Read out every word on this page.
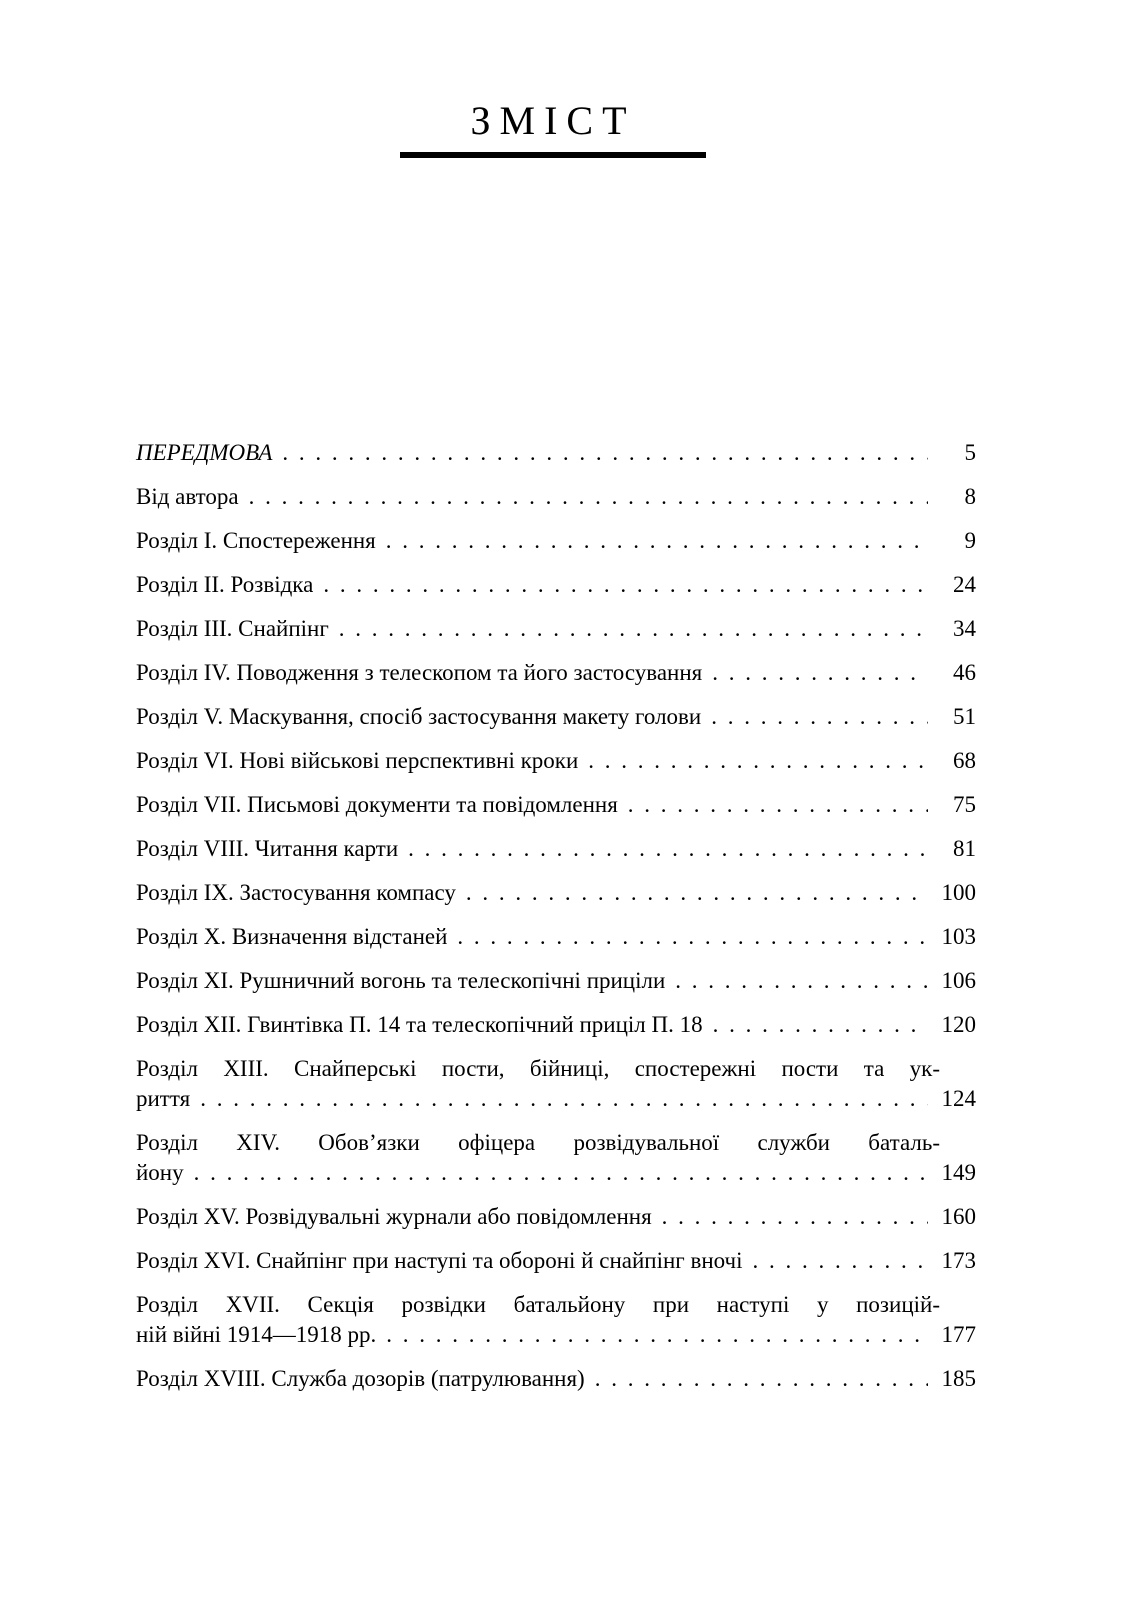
ЗМІСТ
ПЕРЕДМОВА . . .	5
Від автора . . .	8
Розділ I. Спостереження . . .	9
Розділ II. Розвідка . . .	24
Розділ III. Снайпінг . . .	34
Розділ IV. Поводження з телескопом та його застосування . . .	46
Розділ V. Маскування, спосіб застосування макету голови . . .	51
Розділ VI. Нові військові перспективні кроки . . .	68
Розділ VII. Письмові документи та повідомлення . . .	75
Розділ VIII. Читання карти . . .	81
Розділ IX. Застосування компасу . . .	100
Розділ X. Визначення відстаней . . .	103
Розділ XI. Рушничний вогонь та телескопічні приціли . . .	106
Розділ XII. Гвинтівка П. 14 та телескопічний приціл П. 18 . . .	120
Розділ XIII. Снайперські пости, бійниці, спостережні пости та ук-
риття . . .	124
Розділ XIV. Обов’язки офіцера розвідувальної служби баталь-
йону . . .	149
Розділ XV. Розвідувальні журнали або повідомлення . . .	160
Розділ XVI. Снайпінг при наступі та обороні й снайпінг вночі . . .	173
Розділ XVII. Секція розвідки батальйону при наступі у позицій-
ній війні 1914—1918 рр. . . .	177
Розділ XVIII. Служба дозорів (патрулювання) . . .	185
